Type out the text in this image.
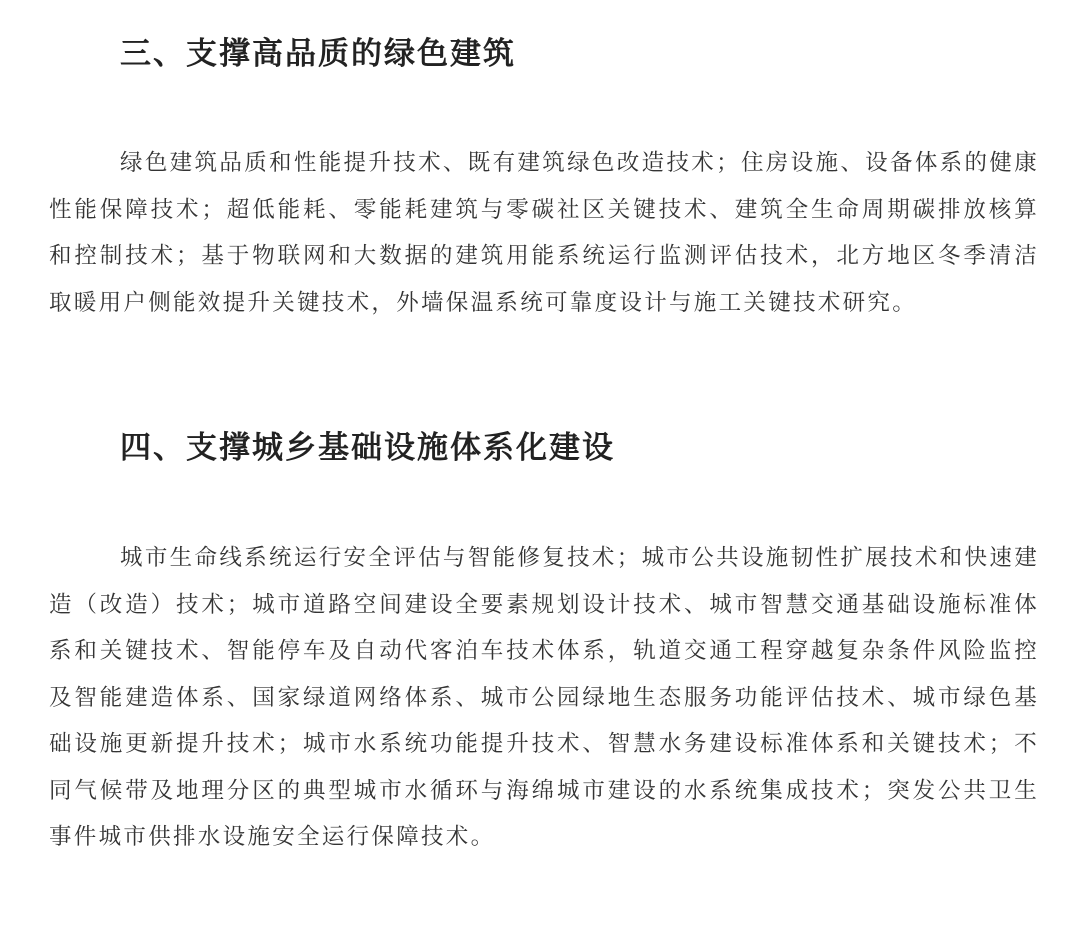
三、支撑高品质的绿色建筑

绿色建筑品质和性能提升技术、既有建筑绿色改造技术；住房设施、设备体系的健康性能保障技术；超低能耗、零能耗建筑与零碳社区关键技术、建筑全生命周期碳排放核算和控制技术；基于物联网和大数据的建筑用能系统运行监测评估技术，北方地区冬季清洁取暖用户侧能效提升关键技术，外墙保温系统可靠度设计与施工关键技术研究。

四、支撑城乡基础设施体系化建设

城市生命线系统运行安全评估与智能修复技术；城市公共设施韧性扩展技术和快速建造（改造）技术；城市道路空间建设全要素规划设计技术、城市智慧交通基础设施标准体系和关键技术、智能停车及自动代客泊车技术体系，轨道交通工程穿越复杂条件风险监控及智能建造体系、国家绿道网络体系、城市公园绿地生态服务功能评估技术、城市绿色基础设施更新提升技术；城市水系统功能提升技术、智慧水务建设标准体系和关键技术；不同气候带及地理分区的典型城市水循环与海绵城市建设的水系统集成技术；突发公共卫生事件城市供排水设施安全运行保障技术。
